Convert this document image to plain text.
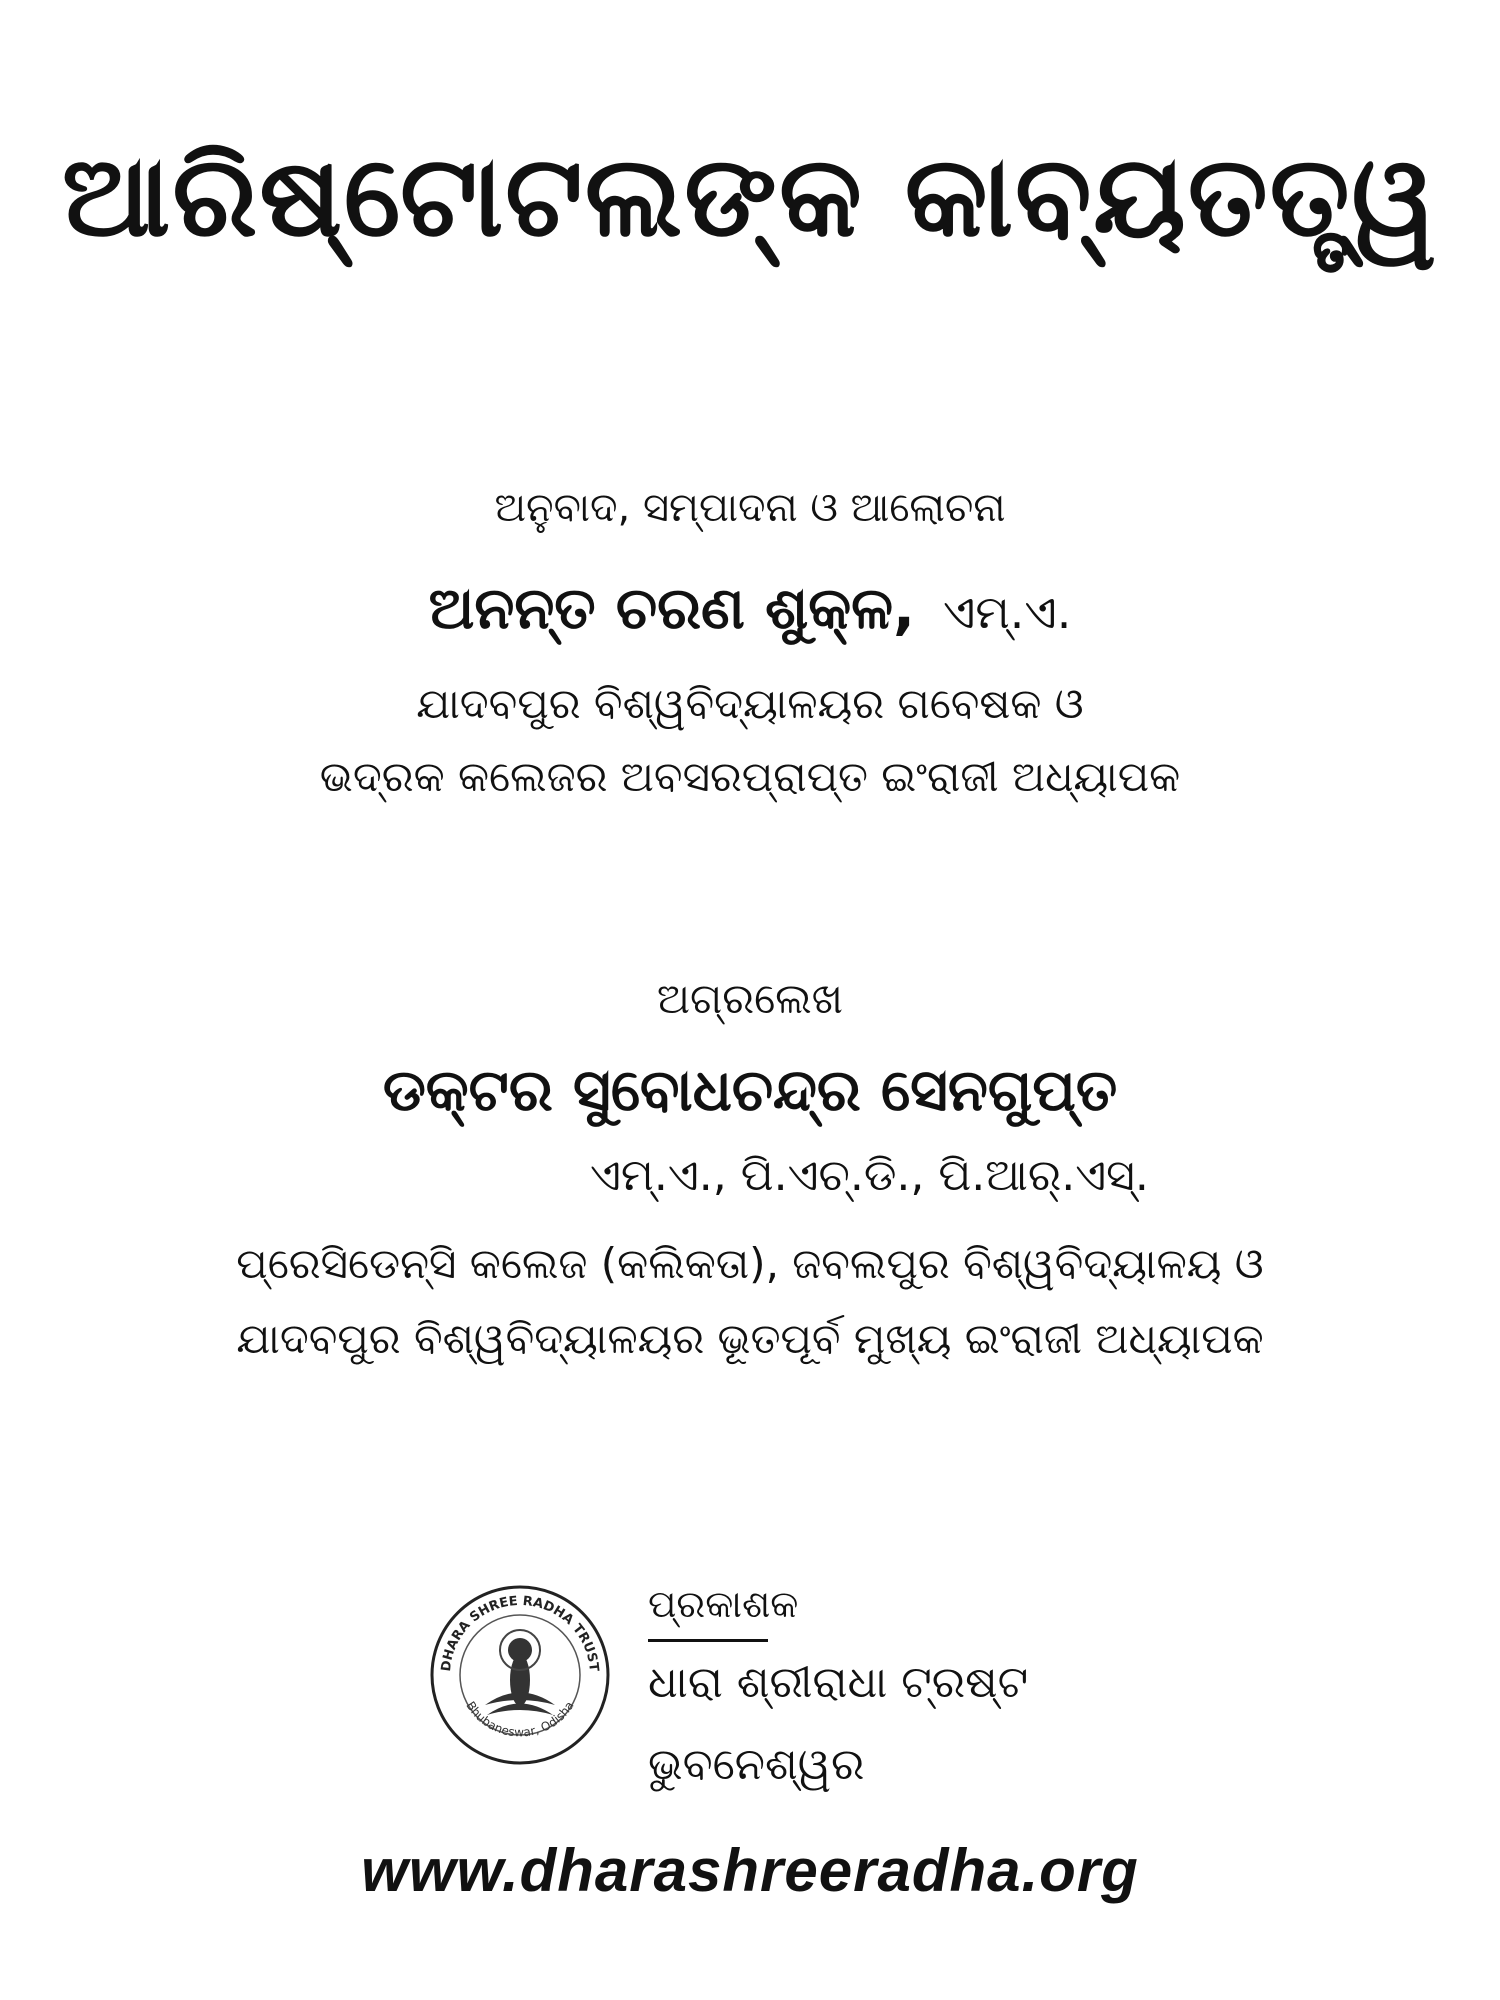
ଆରିଷ୍ଟୋଟଲଙ୍କ କାବ୍ୟତତ୍ତ୍ୱ
ଅନୁବାଦ, ସମ୍ପାଦନା ଓ ଆଲୋଚନା
ଅନନ୍ତ ଚରଣ ଶୁକ୍ଳ, ଏମ୍.ଏ.
ଯାଦବପୁର ବିଶ୍ୱବିଦ୍ୟାଳୟର ଗବେଷକ ଓ
ଭଦ୍ରକ କଲେଜର ଅବସରପ୍ରାପ୍ତ ଇଂରାଜୀ ଅଧ୍ୟାପକ
ଅଗ୍ରଲେଖ
ଡକ୍ଟର ସୁବୋଧଚନ୍ଦ୍ର ସେନଗୁପ୍ତ
ଏମ୍.ଏ., ପି.ଏଚ୍.ଡି., ପି.ଆର୍.ଏସ୍.
ପ୍ରେସିଡେନ୍ସି କଲେଜ (କଲିକତା), ଜବଲପୁର ବିଶ୍ୱବିଦ୍ୟାଳୟ ଓ
ଯାଦବପୁର ବିଶ୍ୱବିଦ୍ୟାଳୟର ଭୂତପୂର୍ବ ମୁଖ୍ୟ ଇଂରାଜୀ ଅଧ୍ୟାପକ
DHARA SHREE RADHA TRUST
Bhubaneswar, Odisha
ପ୍ରକାଶକ
ଧାରା ଶ୍ରୀରାଧା ଟ୍ରଷ୍ଟ
ଭୁବନେଶ୍ୱର
www.dharashreeradha.org
